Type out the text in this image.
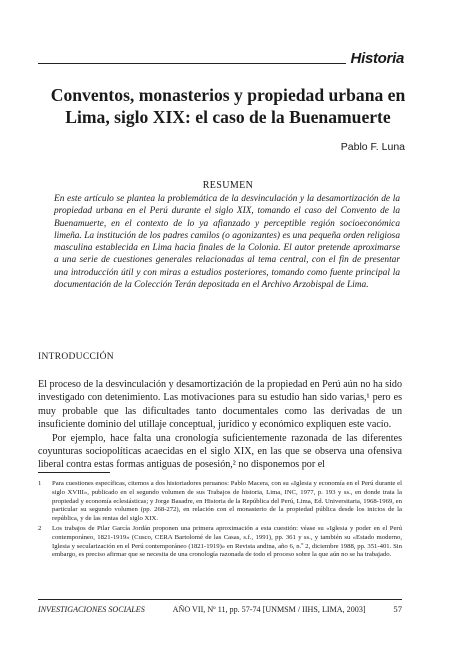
Historia
Conventos, monasterios y propiedad urbana en
Lima, siglo XIX: el caso de la Buenamuerte
Pablo F. Luna
RESUMEN

En este artículo se plantea la problemática de la desvinculación y la desamortización de la propiedad urbana en el Perú durante el siglo XIX, tomando el caso del Convento de la Buenamuerte, en el contexto de lo ya afianzado y perceptible región socioeconómica limeña. La institución de los padres camilos (o agonizantes) es una pequeña orden religiosa masculina establecida en Lima hacia finales de la Colonia. El autor pretende aproximarse a una serie de cuestiones generales relacionadas al tema central, con el fin de presentar una introducción útil y con miras a estudios posteriores, tomando como fuente principal la documentación de la Colección Terán depositada en el Archivo Arzobispal de Lima.

INTRODUCCIÓN

El proceso de la desvinculación y desamortización de la propiedad en Perú aún no ha sido investigado con detenimiento. Las motivaciones para su estudio han sido varias,¹ pero es muy probable que las dificultades tanto documentales como las derivadas de un insuficiente dominio del utillaje conceptual, jurídico y económico expliquen este vacío.

Por ejemplo, hace falta una cronología suficientemente razonada de las diferentes coyunturas sociopolíticas acaecidas en el siglo XIX, en las que se observa una ofensiva liberal contra estas formas antiguas de posesión,² no disponemos por el

1	Para cuestiones específicas, citemos a dos historiadores peruanos: Pablo Macera, con su «Iglesia y economía en el Perú durante el siglo XVIII», publicado en el segundo volumen de sus Trabajos de historia, Lima, INC, 1977, p. 193 y ss., en donde trata la propiedad y economía eclesiásticas; y Jorge Basadre, en Historia de la República del Perú, Lima, Ed. Universitaria, 1968-1969, en particular su segundo volumen (pp. 268-272), en relación con el monasterio de la propiedad pública desde los inicios de la república, y de las rentas del siglo XIX.
2	Los trabajos de Pilar García Jordán proponen una primera aproximación a esta cuestión: véase su «Iglesia y poder en el Perú contemporáneo, 1821-1919» (Cusco, CERA Bartolomé de las Casas, s.f., 1991), pp. 361 y ss., y también su «Estado moderno, Iglesia y secularización en el Perú contemporáneo (1821-1919)» en Revista andina, año 6, n.º 2, diciembre 1988, pp. 351-401. Sin embargo, es preciso afirmar que se necesita de una cronología razonada de todo el proceso sobre la que aún no se ha trabajado.
INVESTIGACIONES SOCIALES	AÑO VII, Nº 11, pp. 57-74 [UNMSM / IIHS, LIMA, 2003]	57
